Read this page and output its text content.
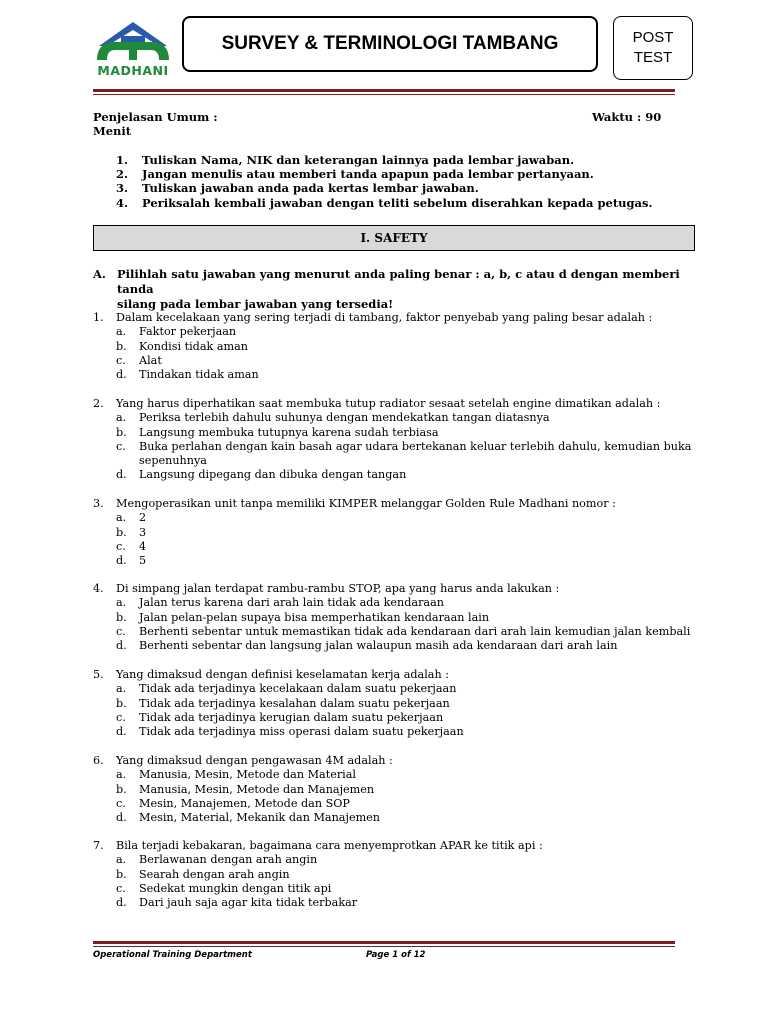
MADHANI
SURVEY & TERMINOLOGI TAMBANG	POST
TEST
Penjelasan Umum :	Waktu : 90
Menit
1. Tuliskan Nama, NIK dan keterangan lainnya pada lembar jawaban.
2. Jangan menulis atau memberi tanda apapun pada lembar pertanyaan.
3. Tuliskan jawaban anda pada kertas lembar jawaban.
4. Periksalah kembali jawaban dengan teliti sebelum diserahkan kepada petugas.
I. SAFETY
A. Pilihlah satu jawaban yang menurut anda paling benar : a, b, c atau d dengan memberi tanda
silang pada lembar jawaban yang tersedia!
1. Dalam kecelakaan yang sering terjadi di tambang, faktor penyebab yang paling besar adalah :
a. Faktor pekerjaan
b. Kondisi tidak aman
c. Alat
d. Tindakan tidak aman
2. Yang harus diperhatikan saat membuka tutup radiator sesaat setelah engine dimatikan adalah :
a. Periksa terlebih dahulu suhunya dengan mendekatkan tangan diatasnya
b. Langsung membuka tutupnya karena sudah terbiasa
c. Buka perlahan dengan kain basah agar udara bertekanan keluar terlebih dahulu, kemudian buka
sepenuhnya
d. Langsung dipegang dan dibuka dengan tangan
3. Mengoperasikan unit tanpa memiliki KIMPER melanggar Golden Rule Madhani nomor :
a. 2
b. 3
c. 4
d. 5
4. Di simpang jalan terdapat rambu-rambu STOP, apa yang harus anda lakukan :
a. Jalan terus karena dari arah lain tidak ada kendaraan
b. Jalan pelan-pelan supaya bisa memperhatikan kendaraan lain
c. Berhenti sebentar untuk memastikan tidak ada kendaraan dari arah lain kemudian jalan kembali
d. Berhenti sebentar dan langsung jalan walaupun masih ada kendaraan dari arah lain
5. Yang dimaksud dengan definisi keselamatan kerja adalah :
a. Tidak ada terjadinya kecelakaan dalam suatu pekerjaan
b. Tidak ada terjadinya kesalahan dalam suatu pekerjaan
c. Tidak ada terjadinya kerugian dalam suatu pekerjaan
d. Tidak ada terjadinya miss operasi dalam suatu pekerjaan
6. Yang dimaksud dengan pengawasan 4M adalah :
a. Manusia, Mesin, Metode dan Material
b. Manusia, Mesin, Metode dan Manajemen
c. Mesin, Manajemen, Metode dan SOP
d. Mesin, Material, Mekanik dan Manajemen
7. Bila terjadi kebakaran, bagaimana cara menyemprotkan APAR ke titik api :
a. Berlawanan dengan arah angin
b. Searah dengan arah angin
c. Sedekat mungkin dengan titik api
d. Dari jauh saja agar kita tidak terbakar
Operational Training Department	Page 1 of 12
